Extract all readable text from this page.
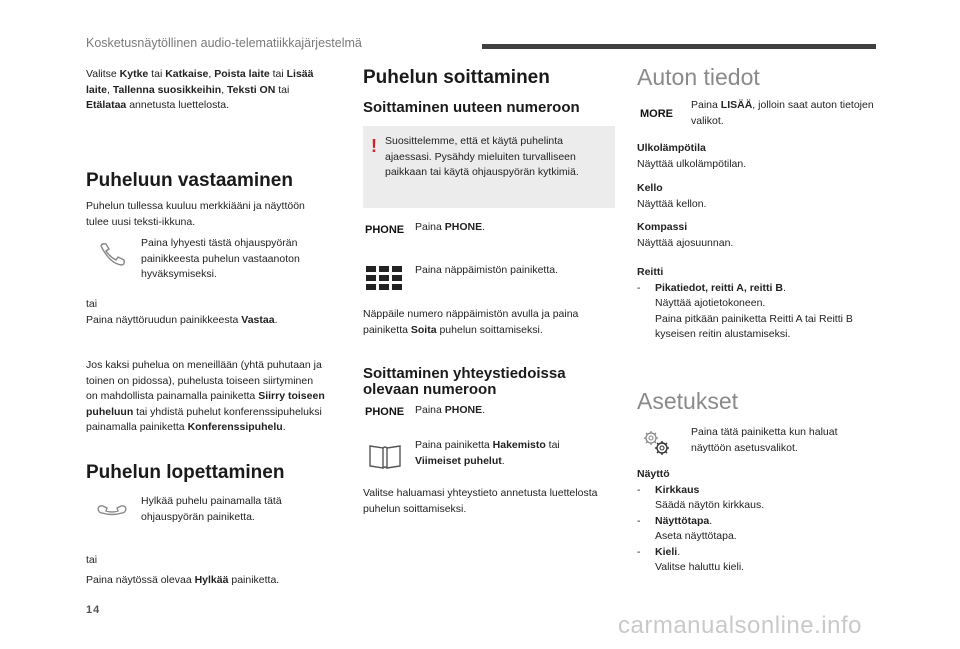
Kosketusnäytöllinen audio-telematiikkajärjestelmä
Valitse Kytke tai Katkaise, Poista laite tai Lisää
laite, Tallenna suosikkeihin, Teksti ON tai
Etälataa annetusta luettelosta.
Puheluun vastaaminen
Puhelun tullessa kuuluu merkkiääni ja näyttöön
tulee uusi teksti-ikkuna.
Paina lyhyesti tästä ohjauspyörän
painikkeesta puhelun vastaanoton
hyväksymiseksi.
tai
Paina näyttöruudun painikkeesta Vastaa.
Jos kaksi puhelua on meneillään (yhtä puhutaan ja
toinen on pidossa), puhelusta toiseen siirtyminen
on mahdollista painamalla painiketta Siirry toiseen
puheluun tai yhdistä puhelut konferenssipuheluksi
painamalla painiketta Konferenssipuhelu.
Puhelun lopettaminen
Hylkää puhelu painamalla tätä
ohjauspyörän painiketta.
tai
Paina näytössä olevaa Hylkää painiketta.
Puhelun soittaminen
Soittaminen uuteen numeroon
! Suosittelemme, että et käytä puhelinta
ajaessasi. Pysähdy mieluiten turvalliseen
paikkaan tai käytä ohjauspyörän kytkimiä.
PHONE Paina PHONE.
Paina näppäimistön painiketta.
Näppäile numero näppäimistön avulla ja paina
painiketta Soita puhelun soittamiseksi.
Soittaminen yhteystiedoissa
olevaan numeroon
PHONE Paina PHONE.
Paina painiketta Hakemisto tai
Viimeiset puhelut.
Valitse haluamasi yhteystieto annetusta luettelosta
puhelun soittamiseksi.
Auton tiedot
MORE
Paina LISÄÄ, jolloin saat auton tietojen
valikot.
Ulkolämpötila
Näyttää ulkolämpötilan.
Kello
Näyttää kellon.
Kompassi
Näyttää ajosuunnan.
Reitti
- Pikatiedot, reitti A, reitti B.
Näyttää ajotietokoneen.
Paina pitkään painiketta Reitti A tai Reitti B
kyseisen reitin alustamiseksi.
Asetukset
Paina tätä painiketta kun haluat
näyttöön asetusvalikot.
Näyttö
- Kirkkaus
Säädä näytön kirkkaus.
- Näyttötapa.
Aseta näyttötapa.
- Kieli.
Valitse haluttu kieli.
14
carmanualsonline.info
